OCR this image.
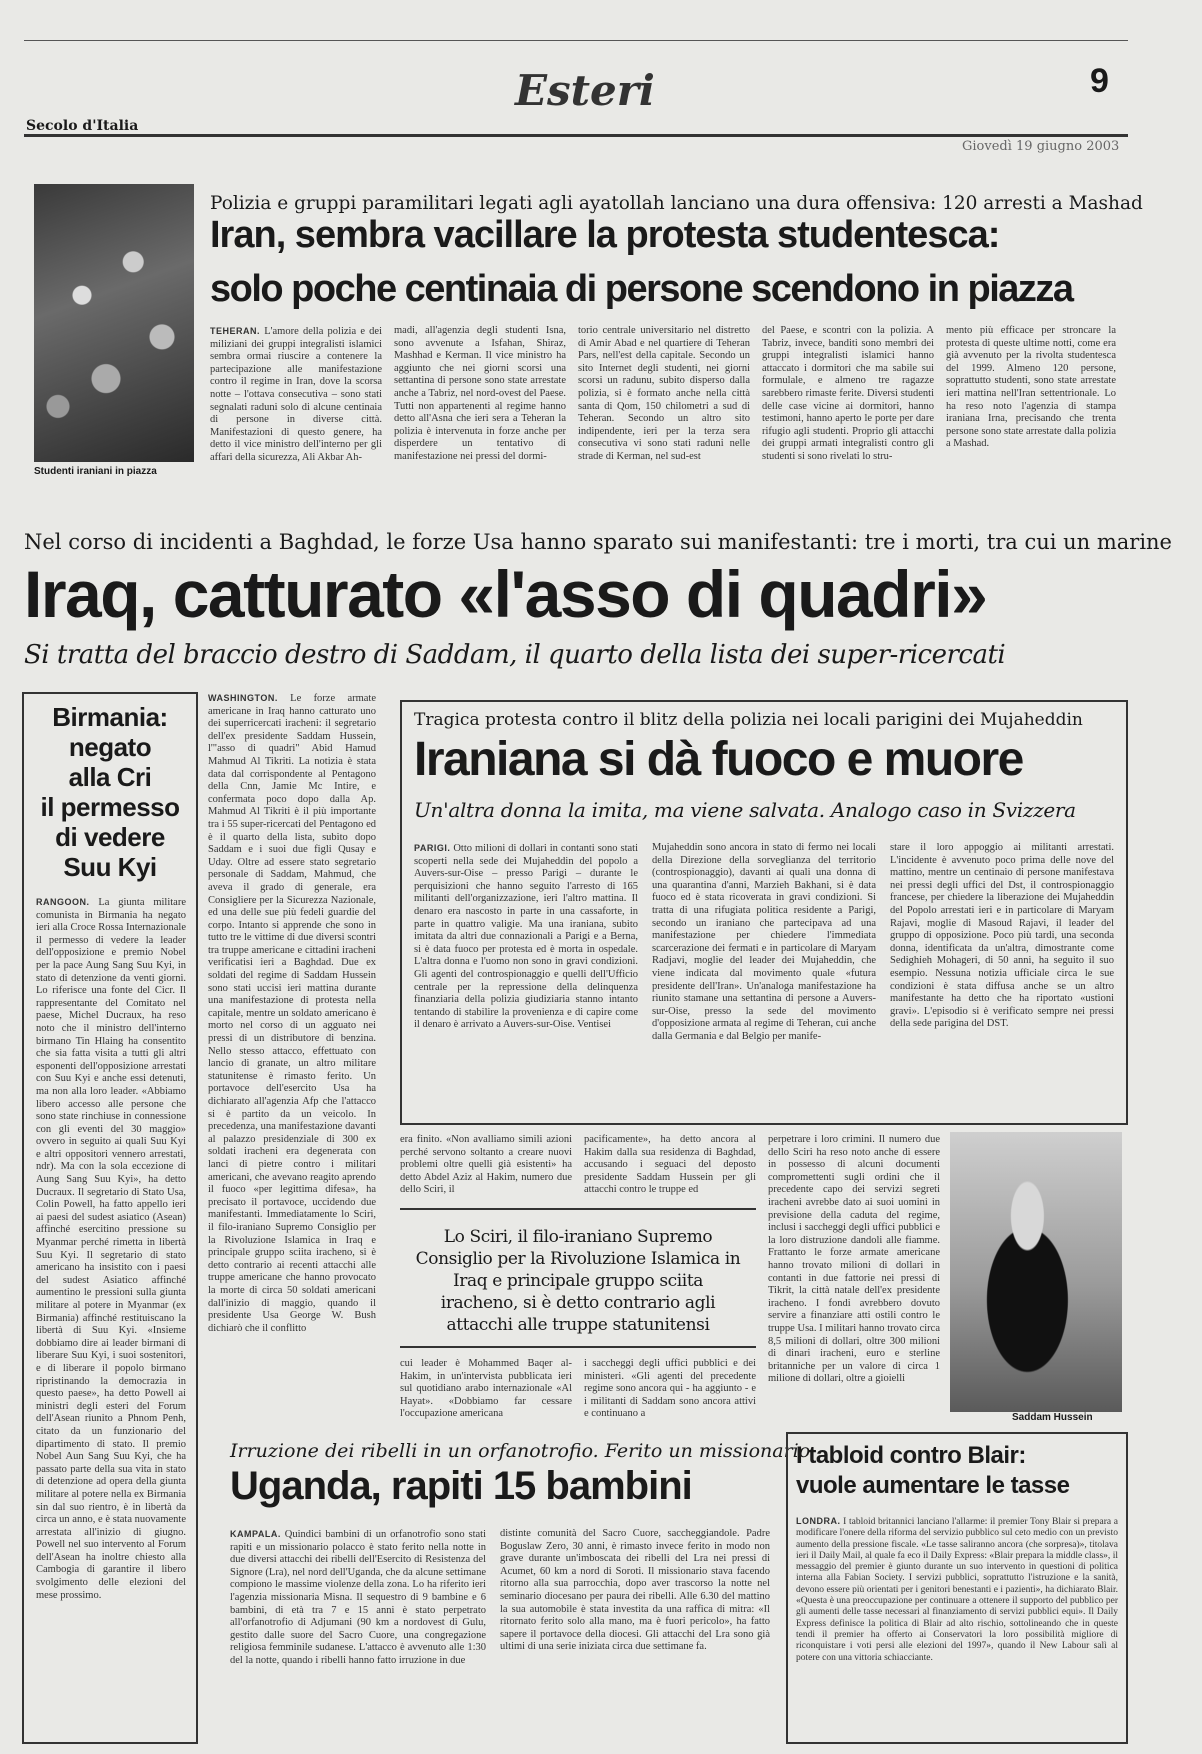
Secolo d'Italia
Esteri	9
Giovedì 19 giugno 2003
Studenti iraniani in piazza
Polizia e gruppi paramilitari legati agli ayatollah lanciano una dura offensiva: 120 arresti a Mashad
Iran, sembra vacillare la protesta studentesca:
solo poche centinaia di persone scendono in piazza

TEHERAN. L'amore della polizia e dei miliziani dei gruppi integralisti islamici sembra ormai riuscire a contenere la partecipazione alle manifestazione contro il regime in Iran, dove la scorsa notte – l'ottava consecutiva – sono stati segnalati raduni solo di alcune centinaia di persone in diverse città. Manifestazioni di questo genere, ha detto il vice ministro dell'interno per gli affari della sicurezza, Ali Akbar Ah-

madi, all'agenzia degli studenti Isna, sono avvenute a Isfahan, Shiraz, Mashhad e Kerman. Il vice ministro ha aggiunto che nei giorni scorsi una settantina di persone sono state arrestate anche a Tabriz, nel nord-ovest del Paese. Tutti non appartenenti al regime hanno detto all'Asna che ieri sera a Teheran la polizia è intervenuta in forze anche per disperdere un tentativo di manifestazione nei pressi del dormi-

torio centrale universitario nel distretto di Amir Abad e nel quartiere di Teheran Pars, nell'est della capitale. Secondo un sito Internet degli studenti, nei giorni scorsi un radunu, subito disperso dalla polizia, si è formato anche nella città santa di Qom, 150 chilometri a sud di Teheran. Secondo un altro sito indipendente, ieri per la terza sera consecutiva vi sono stati raduni nelle strade di Kerman, nel sud-est

del Paese, e scontri con la polizia. A Tabriz, invece, banditi sono membri dei gruppi integralisti islamici hanno attaccato i dormitori che ma sabile sui formulale, e almeno tre ragazze sarebbero rimaste ferite. Diversi studenti delle case vicine ai dormitori, hanno testimoni, hanno aperto le porte per dare rifugio agli studenti. Proprio gli attacchi dei gruppi armati integralisti contro gli studenti si sono rivelati lo stru-

mento più efficace per stroncare la protesta di queste ultime notti, come era già avvenuto per la rivolta studentesca del 1999. Almeno 120 persone, soprattutto studenti, sono state arrestate ieri mattina nell'Iran settentrionale. Lo ha reso noto l'agenzia di stampa iraniana Irna, precisando che trenta persone sono state arrestate dalla polizia a Mashad.

Nel corso di incidenti a Baghdad, le forze Usa hanno sparato sui manifestanti: tre i morti, tra cui un marine
Iraq, catturato «l'asso di quadri»
Si tratta del braccio destro di Saddam, il quarto della lista dei super-ricercati
Birmania:
negato
alla Cri
il permesso
di vedere
Suu Kyi

RANGOON. La giunta militare comunista in Birmania ha negato ieri alla Croce Rossa Internazionale il permesso di vedere la leader dell'opposizione e premio Nobel per la pace Aung Sang Suu Kyi, in stato di detenzione da venti giorni. Lo riferisce una fonte del Cicr. Il rappresentante del Comitato nel paese, Michel Ducraux, ha reso noto che il ministro dell'interno birmano Tin Hlaing ha consentito che sia fatta visita a tutti gli altri esponenti dell'opposizione arrestati con Suu Kyi e anche essi detenuti, ma non alla loro leader. «Abbiamo libero accesso alle persone che sono state rinchiuse in connessione con gli eventi del 30 maggio» ovvero in seguito ai quali Suu Kyi e altri oppositori vennero arrestati, ndr). Ma con la sola eccezione di Aung Sang Suu Kyi», ha detto Ducraux. Il segretario di Stato Usa, Colin Powell, ha fatto appello ieri ai paesi del sudest asiatico (Asean) affinché esercitino pressione su Myanmar perché rimetta in libertà Suu Kyi. Il segretario di stato americano ha insistito con i paesi del sudest Asiatico affinché aumentino le pressioni sulla giunta militare al potere in Myanmar (ex Birmania) affinché restituiscano la libertà di Suu Kyi. «Insieme dobbiamo dire ai leader birmani di liberare Suu Kyi, i suoi sostenitori, e di liberare il popolo birmano ripristinando la democrazia in questo paese», ha detto Powell ai ministri degli esteri del Forum dell'Asean riunito a Phnom Penh, citato da un funzionario del dipartimento di stato. Il premio Nobel Aun Sang Suu Kyi, che ha passato parte della sua vita in stato di detenzione ad opera della giunta militare al potere nella ex Birmania sin dal suo rientro, è in libertà da circa un anno, e è stata nuovamente arrestata all'inizio di giugno. Powell nel suo intervento al Forum dell'Asean ha inoltre chiesto alla Cambogia di garantire il libero svolgimento delle elezioni del mese prossimo.

WASHINGTON. Le forze armate americane in Iraq hanno catturato uno dei superricercati iracheni: il segretario dell'ex presidente Saddam Hussein, l'"asso di quadri" Abid Hamud Mahmud Al Tikriti. La notizia è stata data dal corrispondente al Pentagono della Cnn, Jamie Mc Intire, e confermata poco dopo dalla Ap. Mahmud Al Tikriti è il più importante tra i 55 super-ricercati del Pentagono ed è il quarto della lista, subito dopo Saddam e i suoi due figli Qusay e Uday. Oltre ad essere stato segretario personale di Saddam, Mahmud, che aveva il grado di generale, era Consigliere per la Sicurezza Nazionale, ed una delle sue più fedeli guardie del corpo. Intanto si apprende che sono in tutto tre le vittime di due diversi scontri tra truppe americane e cittadini iracheni verificatisi ieri a Baghdad. Due ex soldati del regime di Saddam Hussein sono stati uccisi ieri mattina durante una manifestazione di protesta nella capitale, mentre un soldato americano è morto nel corso di un agguato nei pressi di un distributore di benzina. Nello stesso attacco, effettuato con lancio di granate, un altro militare statunitense è rimasto ferito. Un portavoce dell'esercito Usa ha dichiarato all'agenzia Afp che l'attacco si è partito da un veicolo. In precedenza, una manifestazione davanti al palazzo presidenziale di 300 ex soldati iracheni era degenerata con lanci di pietre contro i militari americani, che avevano reagito aprendo il fuoco «per legittima difesa», ha precisato il portavoce, uccidendo due manifestanti. Immediatamente lo Sciri, il filo-iraniano Supremo Consiglio per la Rivoluzione Islamica in Iraq e principale gruppo sciita iracheno, si è detto contrario ai recenti attacchi alle truppe americane che hanno provocato la morte di circa 50 soldati americani dall'inizio di maggio, quando il presidente Usa George W. Bush dichiarò che il conflitto

Tragica protesta contro il blitz della polizia nei locali parigini dei Mujaheddin
Iraniana si dà fuoco e muore
Un'altra donna la imita, ma viene salvata. Analogo caso in Svizzera

PARIGI. Otto milioni di dollari in contanti sono stati scoperti nella sede dei Mujaheddin del popolo a Auvers-sur-Oise – presso Parigi – durante le perquisizioni che hanno seguito l'arresto di 165 militanti dell'organizzazione, ieri l'altro mattina. Il denaro era nascosto in parte in una cassaforte, in parte in quattro valigie. Ma una iraniana, subito imitata da altri due connazionali a Parigi e a Berna, si è data fuoco per protesta ed è morta in ospedale. L'altra donna e l'uomo non sono in gravi condizioni. Gli agenti del controspionaggio e quelli dell'Ufficio centrale per la repressione della delinquenza finanziaria della polizia giudiziaria stanno intanto tentando di stabilire la provenienza e di capire come il denaro è arrivato a Auvers-sur-Oise. Ventisei

Mujaheddin sono ancora in stato di fermo nei locali della Direzione della sorveglianza del territorio (controspionaggio), davanti ai quali una donna di una quarantina d'anni, Marzieh Bakhani, si è data fuoco ed è stata ricoverata in gravi condizioni. Si tratta di una rifugiata politica residente a Parigi, secondo un iraniano che partecipava ad una manifestazione per chiedere l'immediata scarcerazione dei fermati e in particolare di Maryam Radjavi, moglie del leader dei Mujaheddin, che viene indicata dal movimento quale «futura presidente dell'Iran». Un'analoga manifestazione ha riunito stamane una settantina di persone a Auvers-sur-Oise, presso la sede del movimento d'opposizione armata al regime di Teheran, cui anche dalla Germania e dal Belgio per manife-

stare il loro appoggio ai militanti arrestati. L'incidente è avvenuto poco prima delle nove del mattino, mentre un centinaio di persone manifestava nei pressi degli uffici del Dst, il controspionaggio francese, per chiedere la liberazione dei Mujaheddin del Popolo arrestati ieri e in particolare di Maryam Rajavi, moglie di Masoud Rajavi, il leader del gruppo di opposizione. Poco più tardi, una seconda donna, identificata da un'altra, dimostrante come Sedighieh Mohageri, di 50 anni, ha seguito il suo esempio. Nessuna notizia ufficiale circa le sue condizioni è stata diffusa anche se un altro manifestante ha detto che ha riportato «ustioni gravi». L'episodio si è verificato sempre nei pressi della sede parigina del DST.

era finito. «Non avalliamo simili azioni perché servono soltanto a creare nuovi problemi oltre quelli già esistenti» ha detto Abdel Aziz al Hakim, numero due dello Sciri, il

pacificamente», ha detto ancora al Hakim dalla sua residenza di Baghdad, accusando i seguaci del deposto presidente Saddam Hussein per gli attacchi contro le truppe ed

perpetrare i loro crimini. Il numero due dello Sciri ha reso noto anche di essere in possesso di alcuni documenti compromettenti sugli ordini che il precedente capo dei servizi segreti iracheni avrebbe dato ai suoi uomini in previsione della caduta del regime, inclusi i saccheggi degli uffici pubblici e la loro distruzione dandoli alle fiamme. Frattanto le forze armate americane hanno trovato milioni di dollari in contanti in due fattorie nei pressi di Tikrit, la città natale dell'ex presidente iracheno. I fondi avrebbero dovuto servire a finanziare atti ostili contro le truppe Usa. I militari hanno trovato circa 8,5 milioni di dollari, oltre 300 milioni di dinari iracheni, euro e sterline britanniche per un valore di circa 1 milione di dollari, oltre a gioielli

Lo Sciri, il filo-iraniano Supremo Consiglio per la Rivoluzione Islamica in Iraq e principale gruppo sciita iracheno, si è detto contrario agli attacchi alle truppe statunitensi

cui leader è Mohammed Baqer al-Hakim, in un'intervista pubblicata ieri sul quotidiano arabo internazionale «Al Hayat». «Dobbiamo far cessare l'occupazione americana

i saccheggi degli uffici pubblici e dei ministeri. «Gli agenti del precedente regime sono ancora qui - ha aggiunto - e i militanti di Saddam sono ancora attivi e continuano a	Saddam Hussein
Irruzione dei ribelli in un orfanotrofio. Ferito un missionario
Uganda, rapiti 15 bambini

KAMPALA. Quindici bambini di un orfanotrofio sono stati rapiti e un missionario polacco è stato ferito nella notte in due diversi attacchi dei ribelli dell'Esercito di Resistenza del Signore (Lra), nel nord dell'Uganda, che da alcune settimane compiono le massime violenze della zona. Lo ha riferito ieri l'agenzia missionaria Misna. Il sequestro di 9 bambine e 6 bambini, di età tra 7 e 15 anni è stato perpetrato all'orfanotrofio di Adjumani (90 km a nordovest di Gulu, gestito dalle suore del Sacro Cuore, una congregazione religiosa femminile sudanese. L'attacco è avvenuto alle 1:30 del la notte, quando i ribelli hanno fatto irruzione in due

distinte comunità del Sacro Cuore, saccheggiandole. Padre Boguslaw Zero, 30 anni, è rimasto invece ferito in modo non grave durante un'imboscata dei ribelli del Lra nei pressi di Acumet, 60 km a nord di Soroti. Il missionario stava facendo ritorno alla sua parrocchia, dopo aver trascorso la notte nel seminario diocesano per paura dei ribelli. Alle 6.30 del mattino la sua automobile è stata investita da una raffica di mitra: «Il ritornato ferito solo alla mano, ma è fuori pericolo», ha fatto sapere il portavoce della diocesi. Gli attacchi del Lra sono già ultimi di una serie iniziata circa due settimane fa.

I tabloid contro Blair:
vuole aumentare le tasse

LONDRA. I tabloid britannici lanciano l'allarme: il premier Tony Blair si prepara a modificare l'onere della riforma del servizio pubblico sul ceto medio con un previsto aumento della pressione fiscale. «Le tasse saliranno ancora (che sorpresa)», titolava ieri il Daily Mail, al quale fa eco il Daily Express: «Blair prepara la middle class», il messaggio del premier è giunto durante un suo intervento in questioni di politica interna alla Fabian Society. I servizi pubblici, soprattutto l'istruzione e la sanità, devono essere più orientati per i genitori benestanti e i pazienti», ha dichiarato Blair. «Questa è una preoccupazione per continuare a ottenere il supporto del pubblico per gli aumenti delle tasse necessari al finanziamento di servizi pubblici equi». Il Daily Express definisce la politica di Blair ad alto rischio, sottolineando che in queste tendi il premier ha offerto ai Conservatori la loro possibilità migliore di riconquistare i voti persi alle elezioni del 1997», quando il New Labour salì al potere con una vittoria schiacciante.
